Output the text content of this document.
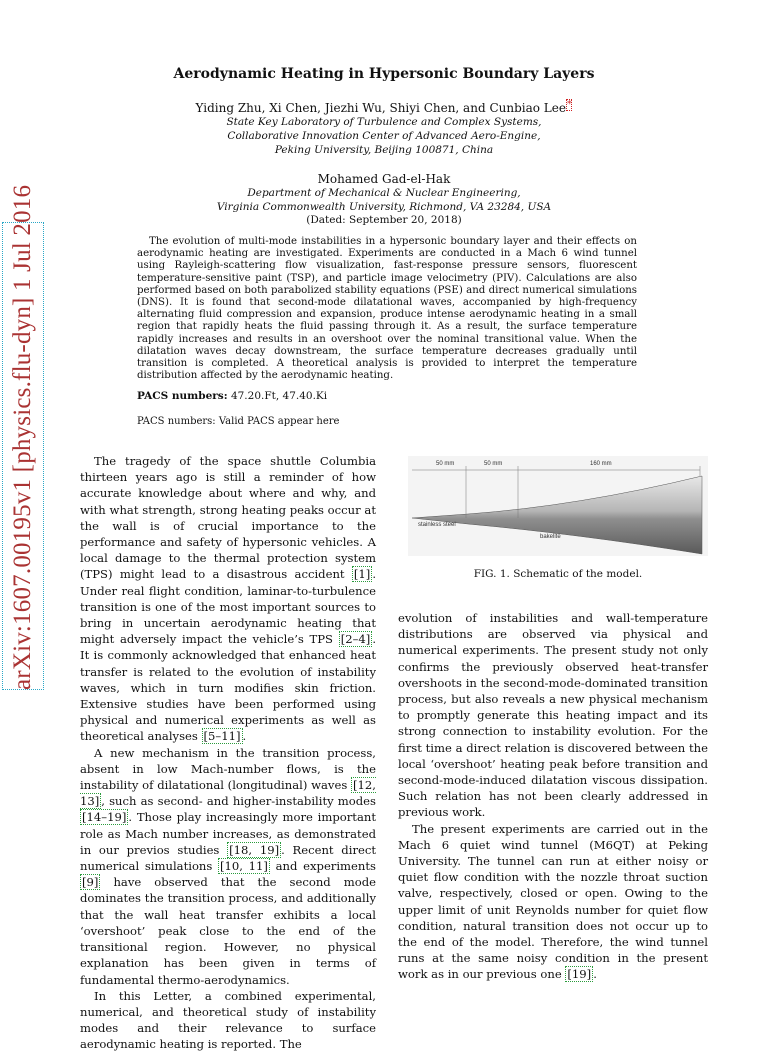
arXiv:1607.00195v1 [physics.flu-dyn] 1 Jul 2016
Aerodynamic Heating in Hypersonic Boundary Layers
Yiding Zhu, Xi Chen, Jiezhi Wu, Shiyi Chen, and Cunbiao Lee*
State Key Laboratory of Turbulence and Complex Systems,
Collaborative Innovation Center of Advanced Aero-Engine,
Peking University, Beijing 100871, China
Mohamed Gad-el-Hak
Department of Mechanical & Nuclear Engineering,
Virginia Commonwealth University, Richmond, VA 23284, USA
(Dated: September 20, 2018)
The evolution of multi-mode instabilities in a hypersonic boundary layer and their effects on aerodynamic heating are investigated. Experiments are conducted in a Mach 6 wind tunnel using Rayleigh-scattering flow visualization, fast-response pressure sensors, fluorescent temperature-sensitive paint (TSP), and particle image velocimetry (PIV). Calculations are also performed based on both parabolized stability equations (PSE) and direct numerical simulations (DNS). It is found that second-mode dilatational waves, accompanied by high-frequency alternating fluid compression and expansion, produce intense aerodynamic heating in a small region that rapidly heats the fluid passing through it. As a result, the surface temperature rapidly increases and results in an overshoot over the nominal transitional value. When the dilatation waves decay downstream, the surface temperature decreases gradually until transition is completed. A theoretical analysis is provided to interpret the temperature distribution affected by the aerodynamic heating.
PACS numbers: 47.20.Ft, 47.40.Ki
PACS numbers: Valid PACS appear here

The tragedy of the space shuttle Columbia thirteen years ago is still a reminder of how accurate knowledge about where and why, and with what strength, strong heating peaks occur at the wall is of crucial importance to the performance and safety of hypersonic vehicles. A local damage to the thermal protection system (TPS) might lead to a disastrous accident [1] . Under real flight condition, laminar-to-turbulence transition is one of the most important sources to bring in uncertain aerodynamic heating that might adversely impact the vehicle’s TPS [2–4] . It is commonly acknowledged that enhanced heat transfer is related to the evolution of instability waves, which in turn modifies skin friction. Extensive studies have been performed using physical and numerical experiments as well as theoretical analyses [5–11] .

A new mechanism in the transition process, absent in low Mach-number flows, is the instability of dilatational (longitudinal) waves [12, 13] , such as second- and higher-instability modes [14–19] . Those play increasingly more important role as Mach number increases, as demonstrated in our previos studies [18, 19] . Recent direct numerical simulations [10, 11] and experiments [9] have observed that the second mode dominates the transition process, and additionally that the wall heat transfer exhibits a local ‘overshoot’ peak close to the end of the transitional region. However, no physical explanation has been given in terms of fundamental thermo-aerodynamics.

In this Letter, a combined experimental, numerical, and theoretical study of instability modes and their relevance to surface aerodynamic heating is reported. The

50 mm	50 mm	160 mm
stainless steel
bakelite
FIG. 1. Schematic of the model.

evolution of instabilities and wall-temperature distributions are observed via physical and numerical experiments. The present study not only confirms the previously observed heat-transfer overshoots in the second-mode-dominated transition process, but also reveals a new physical mechanism to promptly generate this heating impact and its strong connection to instability evolution. For the first time a direct relation is discovered between the local ‘overshoot’ heating peak before transition and second-mode-induced dilatation viscous dissipation. Such relation has not been clearly addressed in previous work.

The present experiments are carried out in the Mach 6 quiet wind tunnel (M6QT) at Peking University. The tunnel can run at either noisy or quiet flow condition with the nozzle throat suction valve, respectively, closed or open. Owing to the upper limit of unit Reynolds number for quiet flow condition, natural transition does not occur up to the end of the model. Therefore, the wind tunnel runs at the same noisy condition in the present work as in our previous one [19] .
